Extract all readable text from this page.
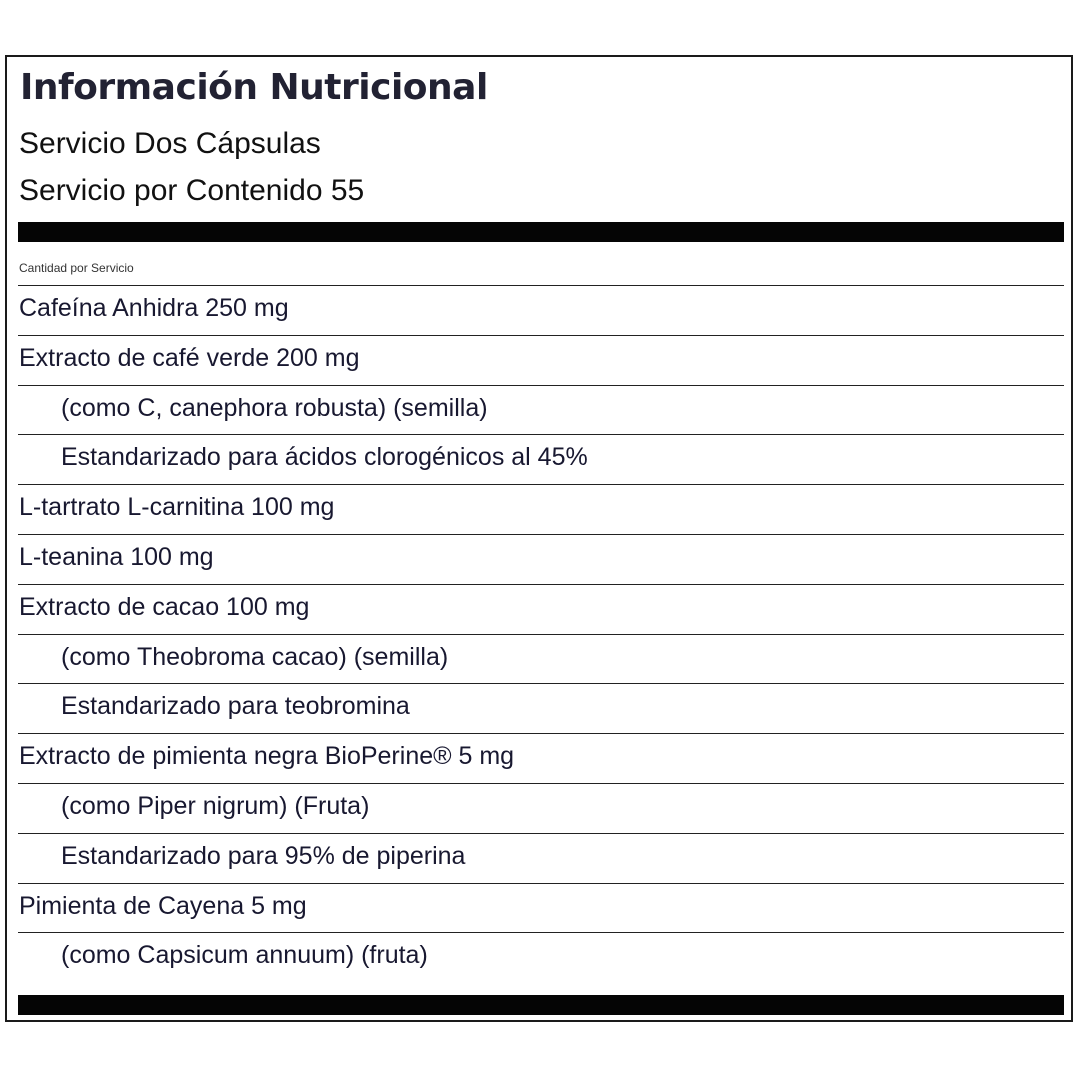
Información Nutricional
Servicio Dos Cápsulas
Servicio por Contenido 55
Cantidad por Servicio
Cafeína Anhidra 250 mg
Extracto de café verde 200 mg
(como C, canephora robusta) (semilla)
Estandarizado para ácidos clorogénicos al 45%
L-tartrato L-carnitina 100 mg
L-teanina 100 mg
Extracto de cacao 100 mg
(como Theobroma cacao) (semilla)
Estandarizado para teobromina
Extracto de pimienta negra BioPerine® 5 mg
(como Piper nigrum) (Fruta)
Estandarizado para 95% de piperina
Pimienta de Cayena 5 mg
(como Capsicum annuum) (fruta)
